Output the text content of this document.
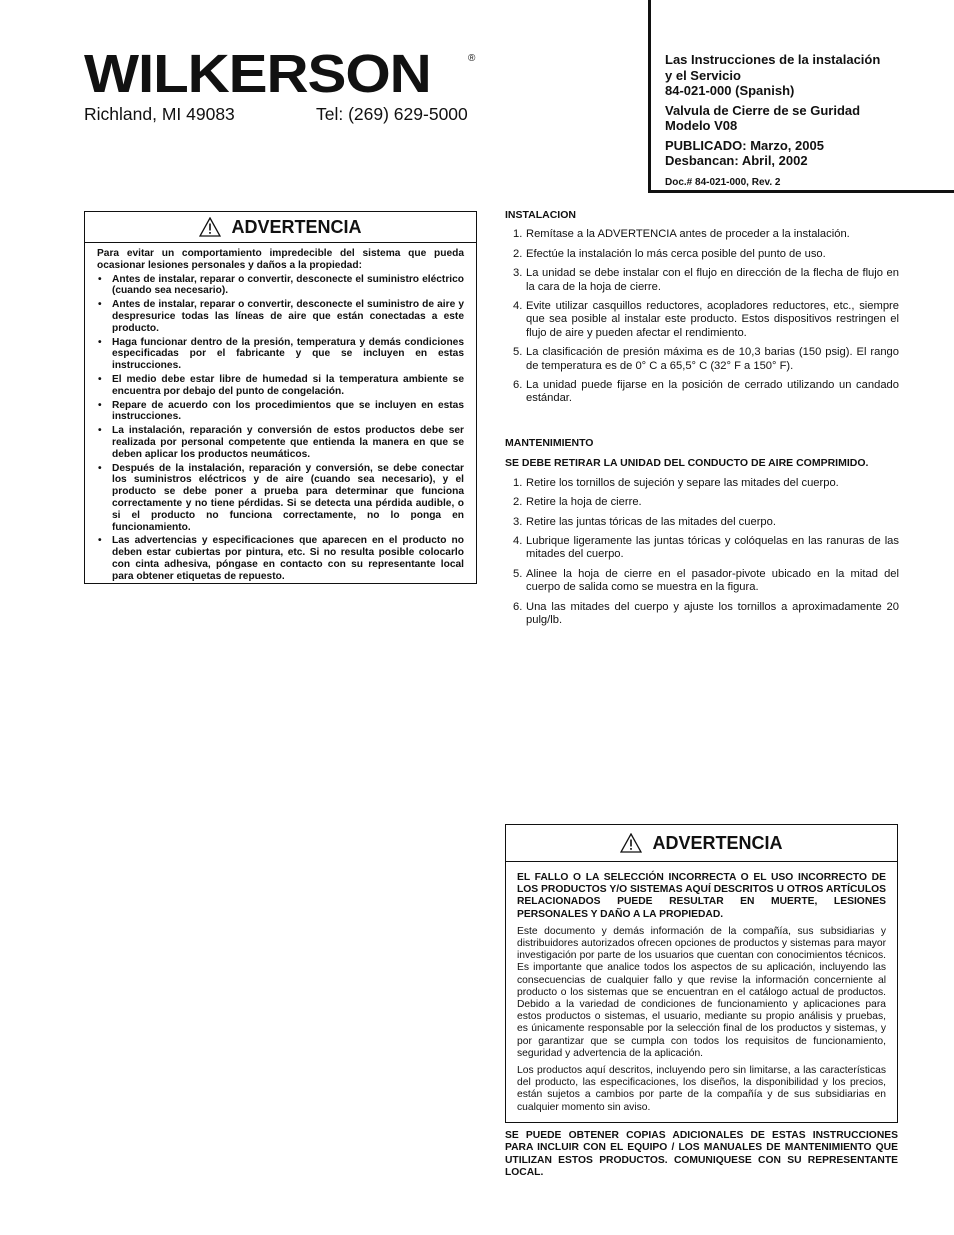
WILKERSON	®
Richland, MI 49083	Tel: (269) 629-5000
Las Instrucciones de la instalación
y el Servicio
84-021-000 (Spanish)
Valvula de Cierre de se Guridad
Modelo V08
PUBLICADO: Marzo, 2005
Desbancan: Abril, 2002
Doc.# 84-021-000, Rev. 2
ADVERTENCIA
Para evitar un comportamiento impredecible del sistema que pueda ocasionar lesiones personales y daños a la propiedad:
• Antes de instalar, reparar o convertir, desconecte el suministro eléctrico (cuando sea necesario).
• Antes de instalar, reparar o convertir, desconecte el suministro de aire y despresurice todas las líneas de aire que están conectadas a este producto.
• Haga funcionar dentro de la presión, temperatura y demás condiciones especificadas por el fabricante y que se incluyen en estas instrucciones.
• El medio debe estar libre de humedad si la temperatura ambiente se encuentra por debajo del punto de congelación.
• Repare de acuerdo con los procedimientos que se incluyen en estas instrucciones.
• La instalación, reparación y conversión de estos productos debe ser realizada por personal competente que entienda la manera en que se deben aplicar los productos neumáticos.
• Después de la instalación, reparación y conversión, se debe conectar los suministros eléctricos y de aire (cuando sea necesario), y el producto se debe poner a prueba para determinar que funciona correctamente y no tiene pérdidas. Si se detecta una pérdida audible, o si el producto no funciona correctamente, no lo ponga en funcionamiento.
• Las advertencias y especificaciones que aparecen en el producto no deben estar cubiertas por pintura, etc. Si no resulta posible colocarlo con cinta adhesiva, póngase en contacto con su representante local para obtener etiquetas de repuesto.
INSTALACION
1. Remítase a la ADVERTENCIA antes de proceder a la instalación.
2. Efectúe la instalación lo más cerca posible del punto de uso.
3. La unidad se debe instalar con el flujo en dirección de la flecha de flujo en la cara de la hoja de cierre.
4. Evite utilizar casquillos reductores, acopladores reductores, etc., siempre que sea posible al instalar este producto. Estos dispositivos restringen el flujo de aire y pueden afectar el rendimiento.
5. La clasificación de presión máxima es de 10,3 barias (150 psig). El rango de temperatura es de 0° C a 65,5° C (32° F a 150° F).
6. La unidad puede fijarse en la posición de cerrado utilizando un candado estándar.
MANTENIMIENTO
SE DEBE RETIRAR LA UNIDAD DEL CONDUCTO DE AIRE COMPRIMIDO.
1. Retire los tornillos de sujeción y separe las mitades del cuerpo.
2. Retire la hoja de cierre.
3. Retire las juntas tóricas de las mitades del cuerpo.
4. Lubrique ligeramente las juntas tóricas y colóquelas en las ranuras de las mitades del cuerpo.
5. Alinee la hoja de cierre en el pasador-pivote ubicado en la mitad del cuerpo de salida como se muestra en la figura.
6. Una las mitades del cuerpo y ajuste los tornillos a aproximadamente 20 pulg/lb.
ADVERTENCIA
EL FALLO O LA SELECCIÓN INCORRECTA O EL USO INCORRECTO DE LOS PRODUCTOS Y/O SISTEMAS AQUÍ DESCRITOS U OTROS ARTÍCULOS RELACIONADOS PUEDE RESULTAR EN MUERTE, LESIONES PERSONALES Y DAÑO A LA PROPIEDAD.

Este documento y demás información de la compañía, sus subsidiarias y distribuidores autorizados ofrecen opciones de productos y sistemas para mayor investigación por parte de los usuarios que cuentan con conocimientos técnicos. Es importante que analice todos los aspectos de su aplicación, incluyendo las consecuencias de cualquier fallo y que revise la información concerniente al producto o los sistemas que se encuentran en el catálogo actual de productos. Debido a la variedad de condiciones de funcionamiento y aplicaciones para estos productos o sistemas, el usuario, mediante su propio análisis y pruebas, es únicamente responsable por la selección final de los productos y sistemas, y por garantizar que se cumpla con todos los requisitos de funcionamiento, seguridad y advertencia de la aplicación.

Los productos aquí descritos, incluyendo pero sin limitarse, a las características del producto, las especificaciones, los diseños, la disponibilidad y los precios, están sujetos a cambios por parte de la compañía y de sus subsidiarias en cualquier momento sin aviso.

SE PUEDE OBTENER COPIAS ADICIONALES DE ESTAS INSTRUCCIONES PARA INCLUIR CON EL EQUIPO / LOS MANUALES DE MANTENIMIENTO QUE UTILIZAN ESTOS PRODUCTOS. COMUNIQUESE CON SU REPRESENTANTE LOCAL.
